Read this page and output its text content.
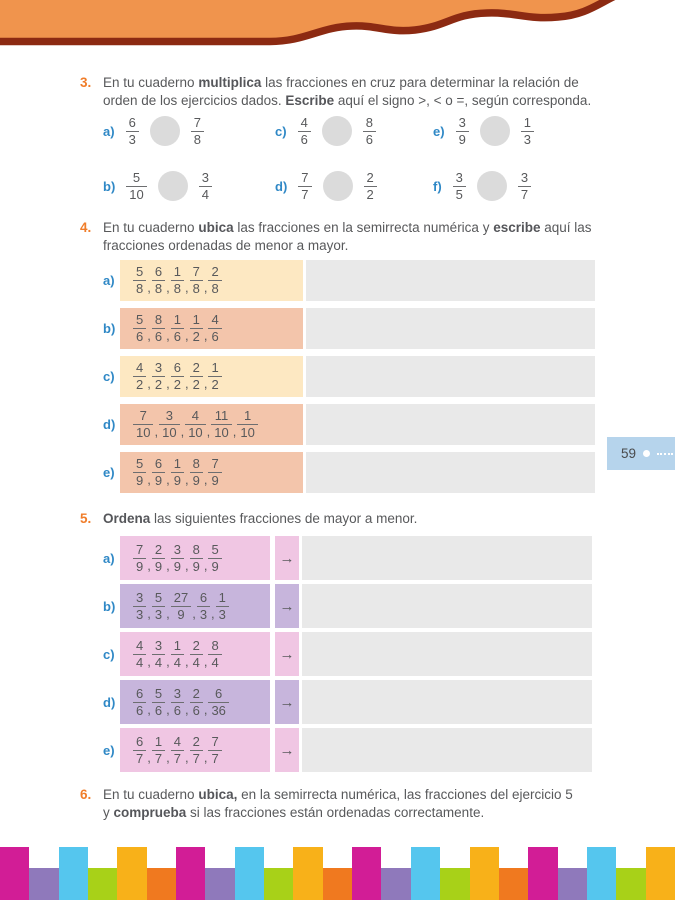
3. En tu cuaderno multiplica las fracciones en cruz para determinar la relación de
orden de los ejercicios dados. Escribe aquí el signo >, < o =, según corresponda.
$a) \frac{6}{3}$	$\frac{7}{8}$
$b) \frac{5}{10}$	$\frac{3}{4}$
$c) \frac{4}{6}$	$\frac{8}{6}$
$d) \frac{7}{7}$	$\frac{2}{2}$
$e) \frac{3}{9}$	$\frac{1}{3}$
$f) \frac{3}{5}$	$\frac{3}{7}$
4. En tu cuaderno ubica las fracciones en la semirrecta numérica y escribe aquí las
fracciones ordenadas de menor a mayor.
a)	$\frac{5}{8}$ , $\frac{6}{8}$ , $\frac{1}{8}$ , $\frac{7}{8}$ , $\frac{2}{8}$
b)	$\frac{5}{6}$ , $\frac{8}{6}$ , $\frac{1}{6}$ , $\frac{1}{2}$ , $\frac{4}{6}$
c)	$\frac{4}{2}$ , $\frac{3}{2}$ , $\frac{6}{2}$ , $\frac{2}{2}$ , $\frac{1}{2}$
d)	$\frac{7}{10}$ , $\frac{3}{10}$ , $\frac{4}{10}$ , $\frac{11}{10}$ , $\frac{1}{10}$
e)	$\frac{5}{9}$ , $\frac{6}{9}$ , $\frac{1}{9}$ , $\frac{8}{9}$ , $\frac{7}{9}$
59
5. Ordena las siguientes fracciones de mayor a menor.
a)	$\frac{7}{9}$ , $\frac{2}{9}$ , $\frac{3}{9}$ , $\frac{8}{9}$ , $\frac{5}{9}$	→
b)	$\frac{3}{3}$ , $\frac{5}{3}$ , $\frac{27}{9}$ , $\frac{6}{3}$ , $\frac{1}{3}$	→
c)	$\frac{4}{4}$ , $\frac{3}{4}$ , $\frac{1}{4}$ , $\frac{2}{4}$ , $\frac{8}{4}$	→
d)	$\frac{6}{6}$ , $\frac{5}{6}$ , $\frac{3}{6}$ , $\frac{2}{6}$ , $\frac{6}{36}$	→
e)	$\frac{6}{7}$ , $\frac{1}{7}$ , $\frac{4}{7}$ , $\frac{2}{7}$ , $\frac{7}{7}$	→
6. En tu cuaderno ubica, en la semirrecta numérica, las fracciones del ejercicio 5
y comprueba si las fracciones están ordenadas correctamente.
